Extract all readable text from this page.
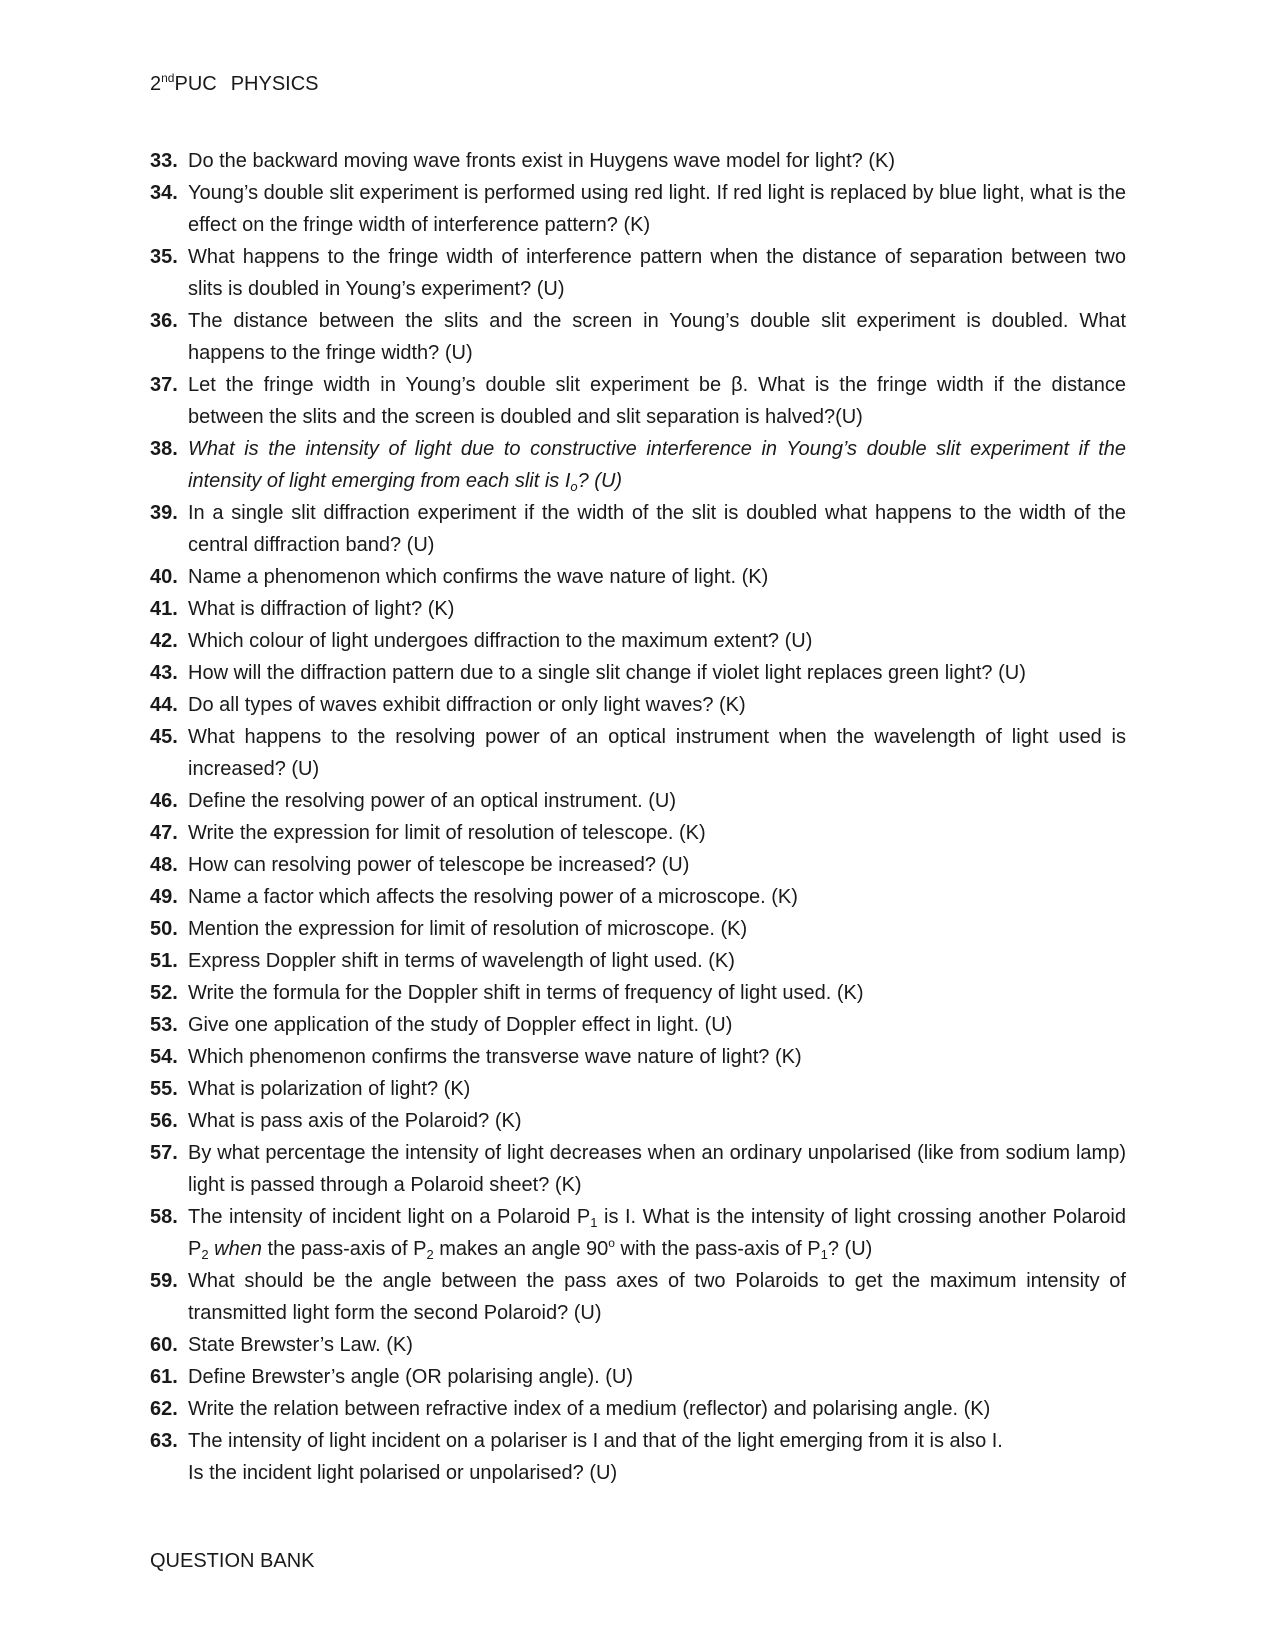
2ndPUC PHYSICS
33. Do the backward moving wave fronts exist in Huygens wave model for light? (K)
34. Young’s double slit experiment is performed using red light. If red light is replaced by blue light, what is the effect on the fringe width of interference pattern? (K)
35. What happens to the fringe width of interference pattern when the distance of separation between two slits is doubled in Young’s experiment? (U)
36. The distance between the slits and the screen in Young’s double slit experiment is doubled. What happens to the fringe width? (U)
37. Let the fringe width in Young’s double slit experiment be β. What is the fringe width if the distance between the slits and the screen is doubled and slit separation is halved?(U)
38. What is the intensity of light due to constructive interference in Young’s double slit experiment if the intensity of light emerging from each slit is $I_o$? (U)
39. In a single slit diffraction experiment if the width of the slit is doubled what happens to the width of the central diffraction band? (U)
40. Name a phenomenon which confirms the wave nature of light. (K)
41. What is diffraction of light? (K)
42. Which colour of light undergoes diffraction to the maximum extent? (U)
43. How will the diffraction pattern due to a single slit change if violet light replaces green light? (U)
44. Do all types of waves exhibit diffraction or only light waves? (K)
45. What happens to the resolving power of an optical instrument when the wavelength of light used is increased? (U)
46. Define the resolving power of an optical instrument. (U)
47. Write the expression for limit of resolution of telescope. (K)
48. How can resolving power of telescope be increased? (U)
49. Name a factor which affects the resolving power of a microscope. (K)
50. Mention the expression for limit of resolution of microscope. (K)
51. Express Doppler shift in terms of wavelength of light used. (K)
52. Write the formula for the Doppler shift in terms of frequency of light used. (K)
53. Give one application of the study of Doppler effect in light. (U)
54. Which phenomenon confirms the transverse wave nature of light? (K)
55. What is polarization of light? (K)
56. What is pass axis of the Polaroid? (K)
57. By what percentage the intensity of light decreases when an ordinary unpolarised (like from sodium lamp) light is passed through a Polaroid sheet? (K)
58. The intensity of incident light on a Polaroid $P_1$ is I. What is the intensity of light crossing another Polaroid $P_2$ when the pass-axis of $P_2$ makes an angle 90$^o$ with the pass-axis of $P_1$? (U)
59. What should be the angle between the pass axes of two Polaroids to get the maximum intensity of transmitted light form the second Polaroid? (U)
60. State Brewster’s Law. (K)
61. Define Brewster’s angle (OR polarising angle). (U)
62. Write the relation between refractive index of a medium (reflector) and polarising angle. (K)
63. The intensity of light incident on a polariser is I and that of the light emerging from it is also I.
Is the incident light polarised or unpolarised? (U)
QUESTION BANK
